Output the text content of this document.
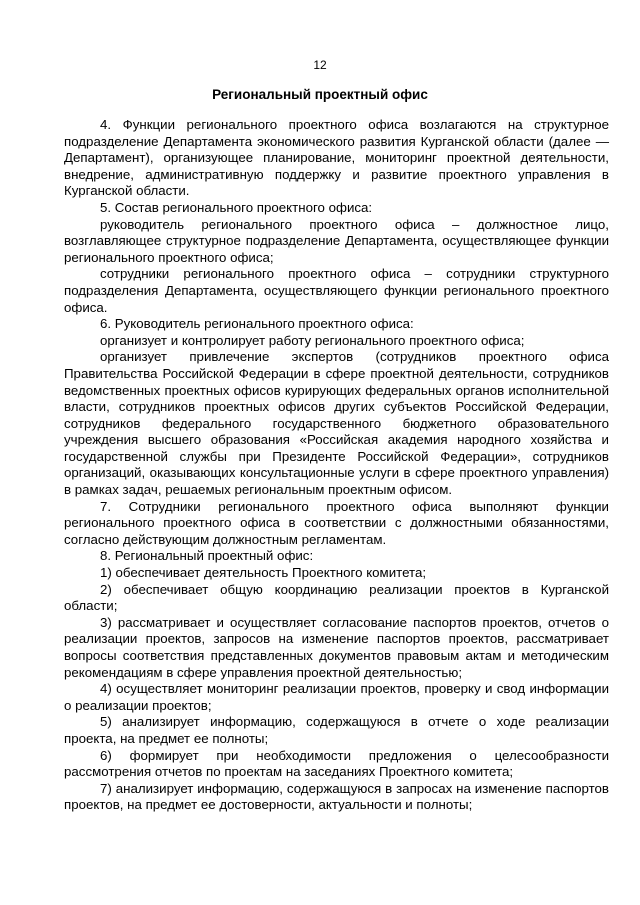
12
Региональный проектный офис

4. Функции регионального проектного офиса возлагаются на структурное подразделение Департамента экономического развития Курганской области (далее — Департамент), организующее планирование, мониторинг проектной деятельности, внедрение, административную поддержку и развитие проектного управления в Курганской области.

5. Состав регионального проектного офиса:

руководитель регионального проектного офиса – должностное лицо, возглавляющее структурное подразделение Департамента, осуществляющее функции регионального проектного офиса;

сотрудники регионального проектного офиса – сотрудники структурного подразделения Департамента, осуществляющего функции регионального проектного офиса.

6. Руководитель регионального проектного офиса:

организует и контролирует работу регионального проектного офиса;

организует привлечение экспертов (сотрудников проектного офиса Правительства Российской Федерации в сфере проектной деятельности, сотрудников ведомственных проектных офисов курирующих федеральных органов исполнительной власти, сотрудников проектных офисов других субъектов Российской Федерации, сотрудников федерального государственного бюджетного образовательного учреждения высшего образования «Российская академия народного хозяйства и государственной службы при Президенте Российской Федерации», сотрудников организаций, оказывающих консультационные услуги в сфере проектного управления) в рамках задач, решаемых региональным проектным офисом.

7. Сотрудники регионального проектного офиса выполняют функции регионального проектного офиса в соответствии с должностными обязанностями, согласно действующим должностным регламентам.

8. Региональный проектный офис:

1) обеспечивает деятельность Проектного комитета;

2) обеспечивает общую координацию реализации проектов в Курганской области;

3) рассматривает и осуществляет согласование паспортов проектов, отчетов о реализации проектов, запросов на изменение паспортов проектов, рассматривает вопросы соответствия представленных документов правовым актам и методическим рекомендациям в сфере управления проектной деятельностью;

4) осуществляет мониторинг реализации проектов, проверку и свод информации о реализации проектов;

5) анализирует информацию, содержащуюся в отчете о ходе реализации проекта, на предмет ее полноты;

6) формирует при необходимости предложения о целесообразности рассмотрения отчетов по проектам на заседаниях Проектного комитета;

7) анализирует информацию, содержащуюся в запросах на изменение паспортов проектов, на предмет ее достоверности, актуальности и полноты;
